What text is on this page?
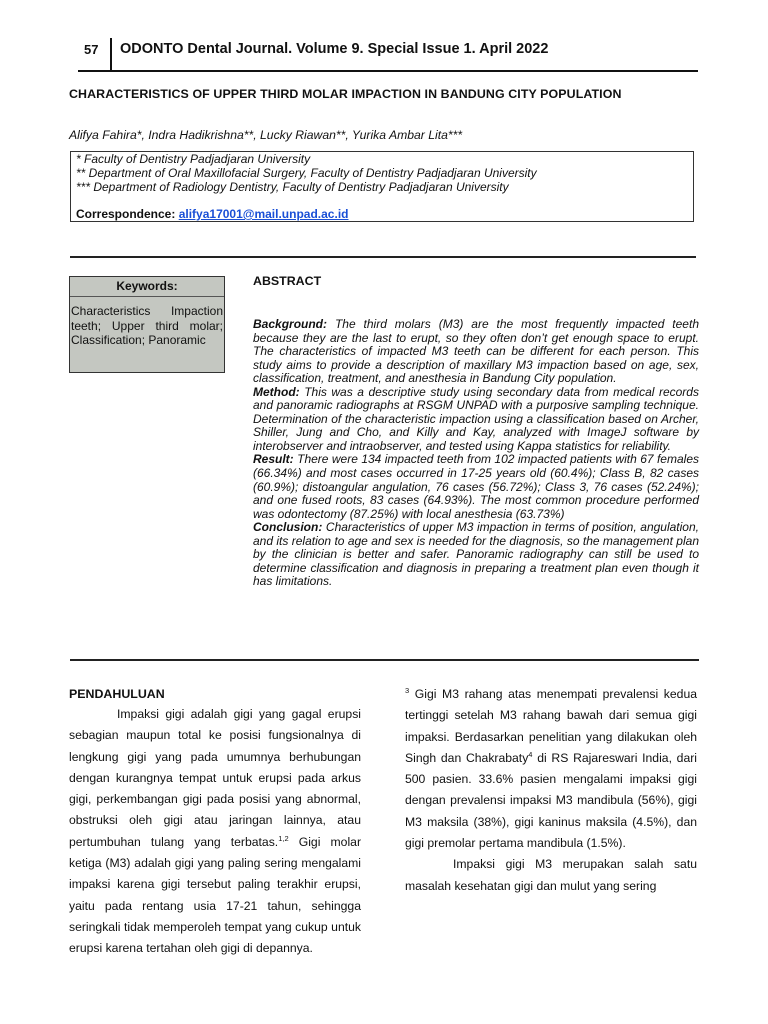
57 ODONTO Dental Journal. Volume 9. Special Issue 1. April 2022
CHARACTERISTICS OF UPPER THIRD MOLAR IMPACTION IN BANDUNG CITY POPULATION
Alifya Fahira*, Indra Hadikrishna**, Lucky Riawan**, Yurika Ambar Lita***
* Faculty of Dentistry Padjadjaran University
** Department of Oral Maxillofacial Surgery, Faculty of Dentistry Padjadjaran University
*** Department of Radiology Dentistry, Faculty of Dentistry Padjadjaran University
Correspondence: alifya17001@mail.unpad.ac.id
Keywords:
Characteristics Impaction teeth; Upper third molar; Classification; Panoramic
ABSTRACT

Background: The third molars (M3) are the most frequently impacted teeth because they are the last to erupt, so they often don’t get enough space to erupt. The characteristics of impacted M3 teeth can be different for each person. This study aims to provide a description of maxillary M3 impaction based on age, sex, classification, treatment, and anesthesia in Bandung City population.

Method: This was a descriptive study using secondary data from medical records and panoramic radiographs at RSGM UNPAD with a purposive sampling technique. Determination of the characteristic impaction using a classification based on Archer, Shiller, Jung and Cho, and Killy and Kay, analyzed with ImageJ software by interobserver and intraobserver, and tested using Kappa statistics for reliability.

Result: There were 134 impacted teeth from 102 impacted patients with 67 females (66.34%) and most cases occurred in 17-25 years old (60.4%); Class B, 82 cases (60.9%); distoangular angulation, 76 cases (56.72%); Class 3, 76 cases (52.24%); and one fused roots, 83 cases (64.93%). The most common procedure performed was odontectomy (87.25%) with local anesthesia (63.73%)

Conclusion: Characteristics of upper M3 impaction in terms of position, angulation, and its relation to age and sex is needed for the diagnosis, so the management plan by the clinician is better and safer. Panoramic radiography can still be used to determine classification and diagnosis in preparing a treatment plan even though it has limitations.

PENDAHULUAN

Impaksi gigi adalah gigi yang gagal erupsi sebagian maupun total ke posisi fungsionalnya di lengkung gigi yang pada umumnya berhubungan dengan kurangnya tempat untuk erupsi pada arkus gigi, perkembangan gigi pada posisi yang abnormal, obstruksi oleh gigi atau jaringan lainnya, atau pertumbuhan tulang yang terbatas.$^{1,2}$ Gigi molar ketiga (M3) adalah gigi yang paling sering mengalami impaksi karena gigi tersebut paling terakhir erupsi, yaitu pada rentang usia 17-21 tahun, sehingga seringkali tidak memperoleh tempat yang cukup untuk erupsi karena tertahan oleh gigi di depannya.

$^3$ Gigi M3 rahang atas menempati prevalensi kedua tertinggi setelah M3 rahang bawah dari semua gigi impaksi. Berdasarkan penelitian yang dilakukan oleh Singh dan Chakrabaty$^4$ di RS Rajareswari India, dari 500 pasien. 33.6% pasien mengalami impaksi gigi dengan prevalensi impaksi M3 mandibula (56%), gigi M3 maksila (38%), gigi kaninus maksila (4.5%), dan gigi premolar pertama mandibula (1.5%).

Impaksi gigi M3 merupakan salah satu masalah kesehatan gigi dan mulut yang sering
